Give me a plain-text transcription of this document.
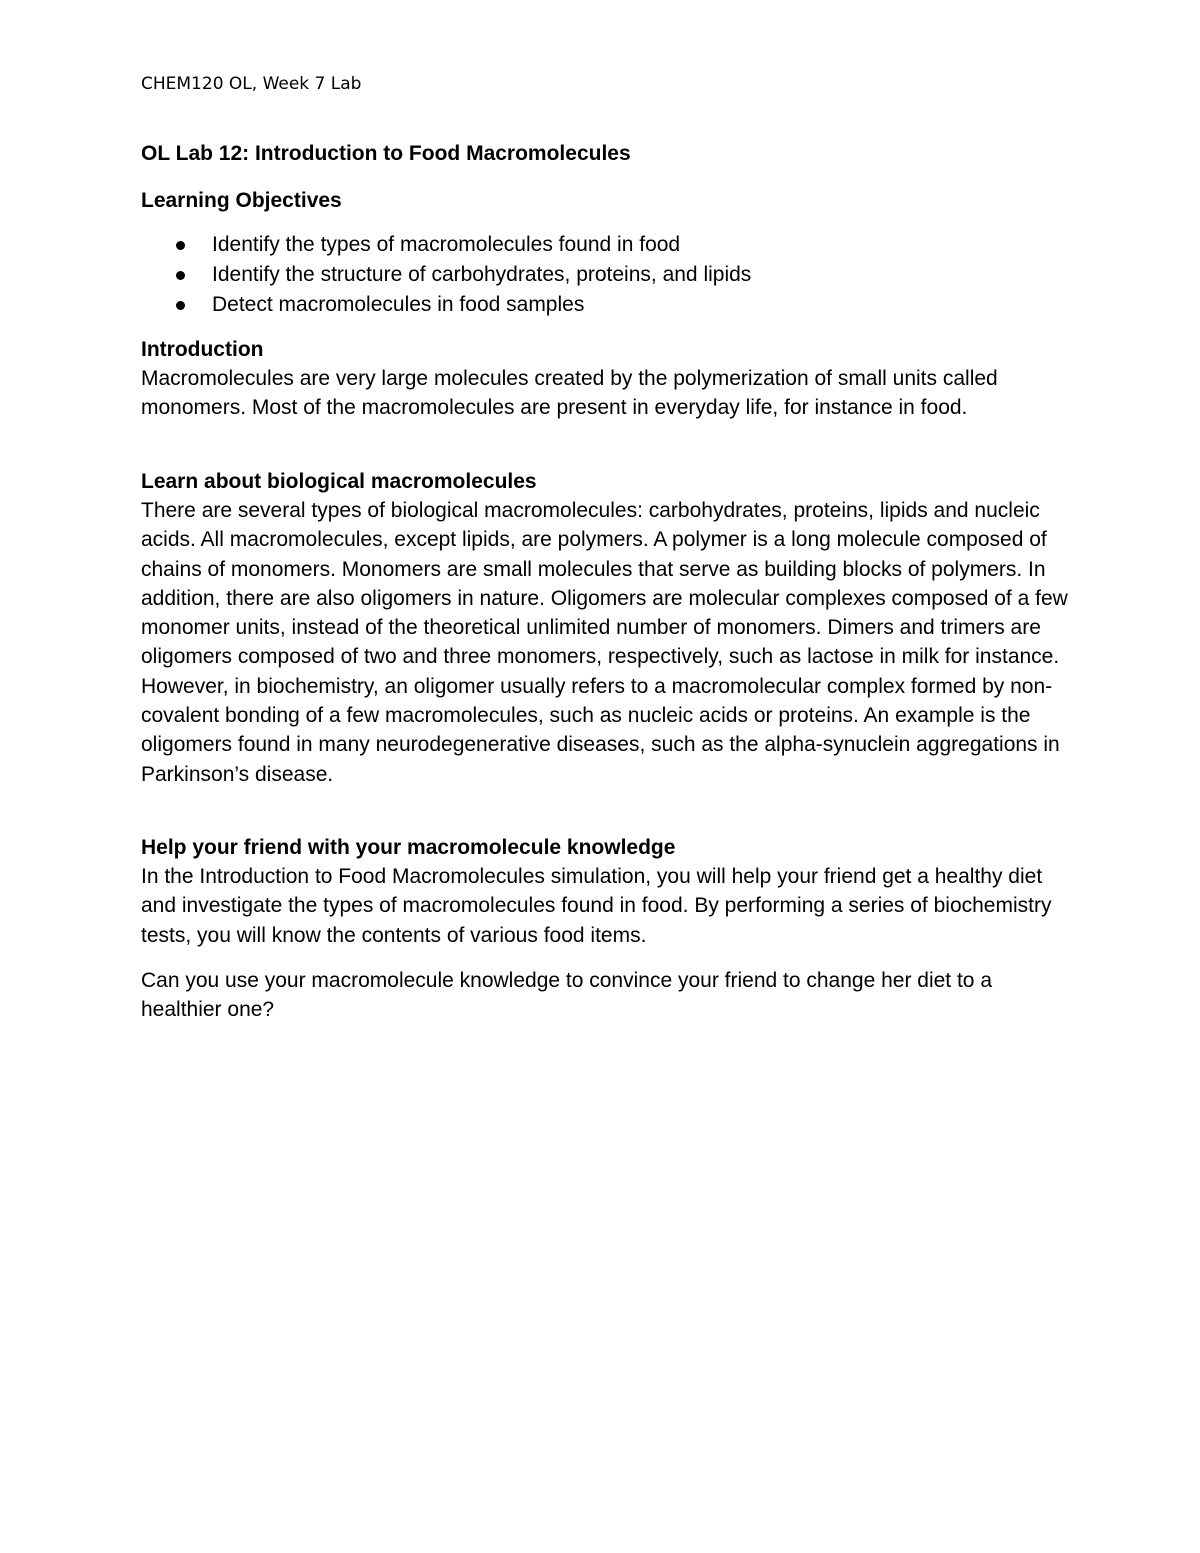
CHEM120 OL, Week 7 Lab
OL Lab 12: Introduction to Food Macromolecules
Learning Objectives
Identify the types of macromolecules found in food
Identify the structure of carbohydrates, proteins, and lipids
Detect macromolecules in food samples
Introduction

Macromolecules are very large molecules created by the polymerization of small units called monomers. Most of the macromolecules are present in everyday life, for instance in food.

Learn about biological macromolecules

There are several types of biological macromolecules: carbohydrates, proteins, lipids and nucleic acids. All macromolecules, except lipids, are polymers. A polymer is a long molecule composed of chains of monomers. Monomers are small molecules that serve as building blocks of polymers. In addition, there are also oligomers in nature. Oligomers are molecular complexes composed of a few monomer units, instead of the theoretical unlimited number of monomers. Dimers and trimers are oligomers composed of two and three monomers, respectively, such as lactose in milk for instance. However, in biochemistry, an oligomer usually refers to a macromolecular complex formed by non-covalent bonding of a few macromolecules, such as nucleic acids or proteins. An example is the oligomers found in many neurodegenerative diseases, such as the alpha-synuclein aggregations in Parkinson’s disease.

Help your friend with your macromolecule knowledge

In the Introduction to Food Macromolecules simulation, you will help your friend get a healthy diet and investigate the types of macromolecules found in food. By performing a series of biochemistry tests, you will know the contents of various food items.

Can you use your macromolecule knowledge to convince your friend to change her diet to a healthier one?
